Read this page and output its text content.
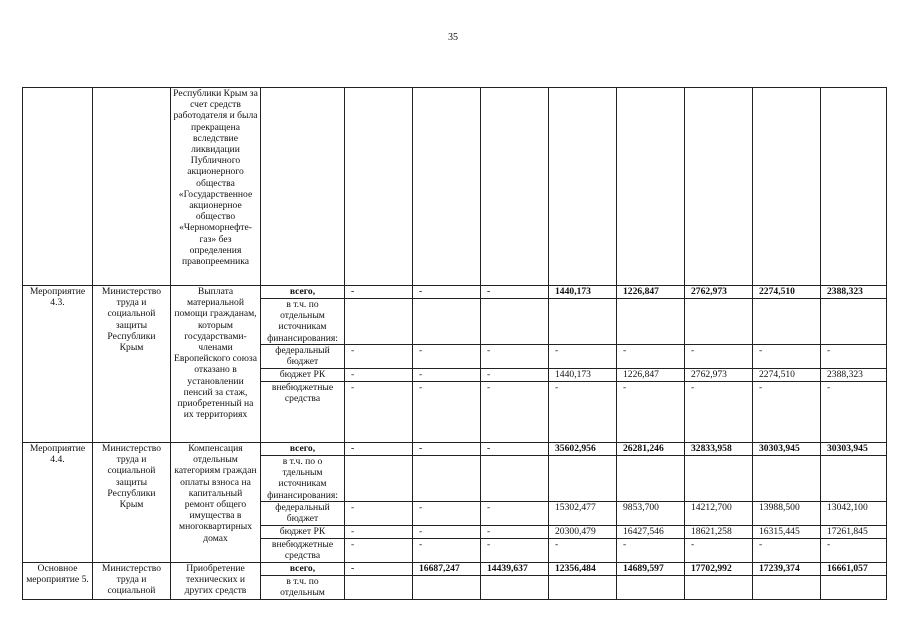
35
		Республики Крым за счет средств работодателя и была прекращена вследствие ликвидации Публичного акционерного общества «Государственное акционерное общество «Черноморнефте-газ» без определения правопреемника									
Мероприятие 4.3.	Министерство труда и социальной защиты Республики Крым	Выплата материальной помощи гражданам, которым государствами-членами Европейского союза отказано в установлении пенсий за стаж, приобретенный на их территориях	всего,	-	-	-	1440,173	1226,847	2762,973	2274,510	2388,323
			в т.ч. по отдельным источникам финансирования:								
			федеральный бюджет	-	-	-	-	-	-	-	-
			бюджет РК	-	-	-	1440,173	1226,847	2762,973	2274,510	2388,323
			внебюджетные средства	-	-	-	-	-	-	-	-
Мероприятие 4.4.	Министерство труда и социальной защиты Республики Крым	Компенсация отдельным категориям граждан оплаты взноса на капитальный ремонт общего имущества в многоквартирных домах	всего,	-	-	-	35602,956	26281,246	32833,958	30303,945	30303,945
			в т.ч. по о тдельным источникам финансирования:								
			федеральный бюджет	-	-	-	15302,477	9853,700	14212,700	13988,500	13042,100
			бюджет РК	-	-	-	20300,479	16427,546	18621,258	16315,445	17261,845
			внебюджетные средства	-	-	-	-	-	-	-	-
Основное мероприятие 5.	Министерство труда и социальной	Приобретение технических и других средств	всего,	-	16687,247	14439,637	12356,484	14689,597	17702,992	17239,374	16661,057
			в т.ч. по отдельным								
